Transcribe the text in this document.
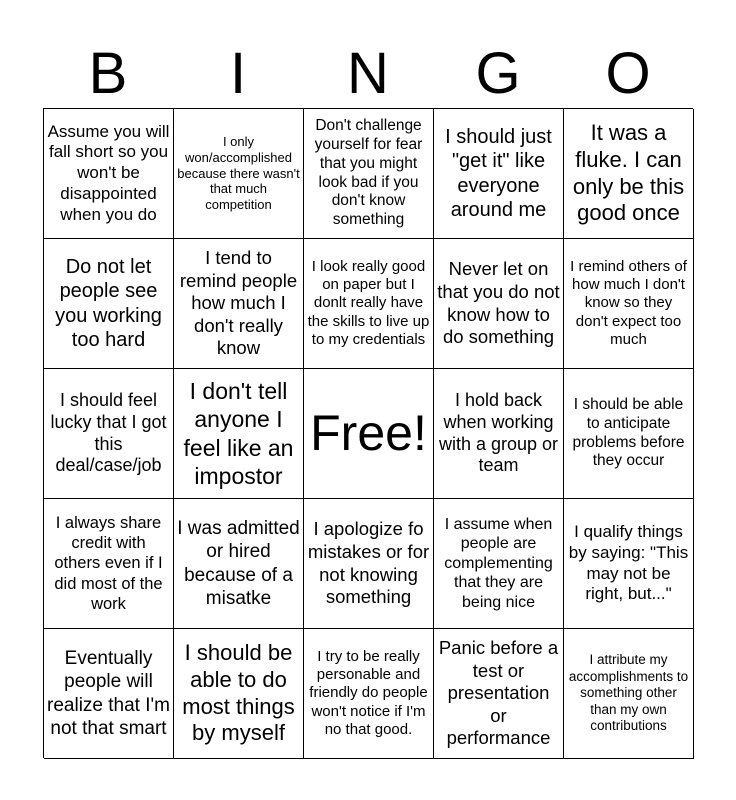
B	I	N	G	O
Assume you will fall short so you won't be disappointed when you do
I only won/accomplished because there wasn't that much competition
Don't challenge yourself for fear that you might look bad if you don't know something
I should just "get it" like everyone around me
It was a fluke. I can only be this good once
Do not let people see you working too hard
I tend to remind people how much I don't really know
I look really good on paper but I donlt really have the skills to live up to my credentials
Never let on that you do not know how to do something
I remind others of how much I don't know so they don't expect too much
I should feel lucky that I got this deal/case/job
I don't tell anyone I feel like an impostor
Free!
I hold back when working with a group or team
I should be able to anticipate problems before they occur
I always share credit with others even if I did most of the work
I was admitted or hired because of a misatke
I apologize fo mistakes or for not knowing something
I assume when people are complementing that they are being nice
I qualify things by saying: "This may not be right, but..."
Eventually people will realize that I'm not that smart
I should be able to do most things by myself
I try to be really personable and friendly do people won't notice if I'm no that good.
Panic before a test or presentation or performance
I attribute my accomplishments to something other than my own contributions
